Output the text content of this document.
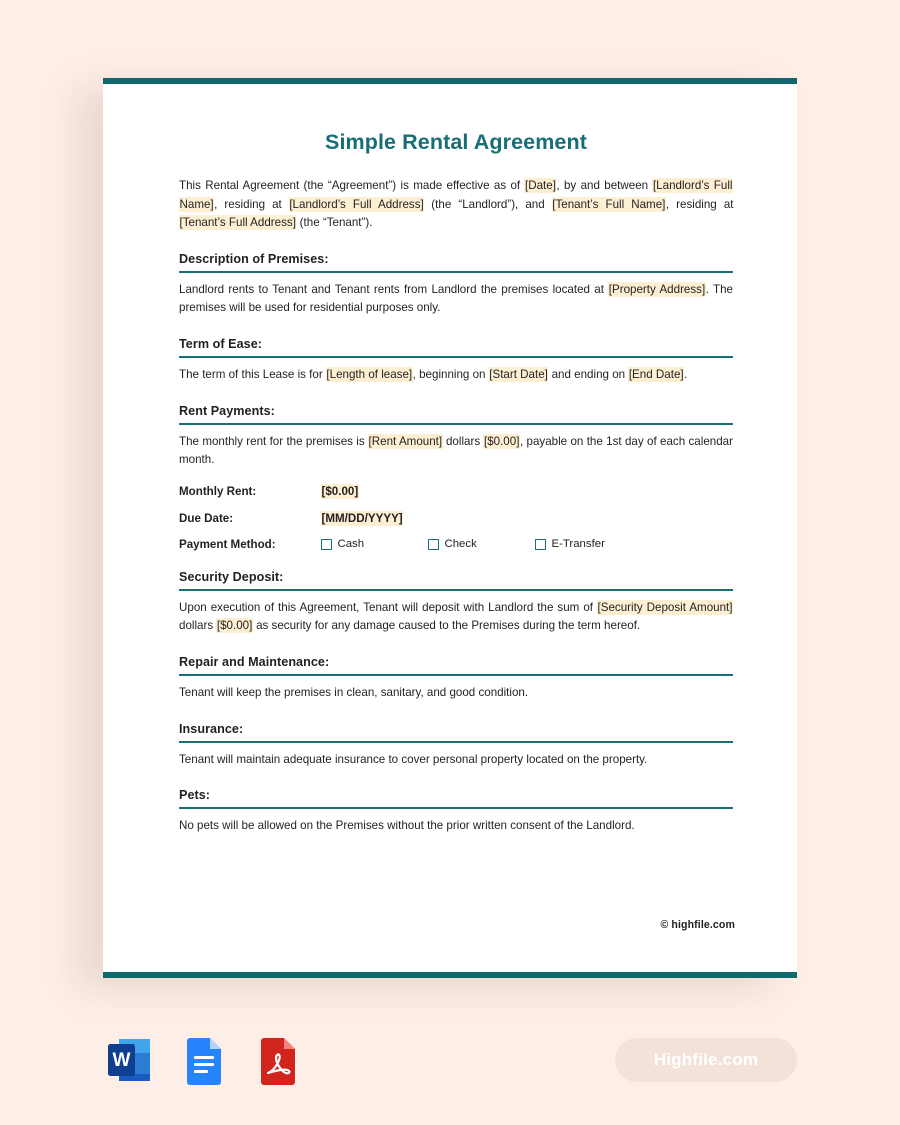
Simple Rental Agreement

This Rental Agreement (the “Agreement”) is made effective as of [Date], by and between [Landlord’s Full Name], residing at [Landlord’s Full Address] (the “Landlord”), and [Tenant’s Full Name], residing at [Tenant’s Full Address] (the “Tenant”).

Description of Premises:

Landlord rents to Tenant and Tenant rents from Landlord the premises located at [Property Address]. The premises will be used for residential purposes only.

Term of Ease:

The term of this Lease is for [Length of lease], beginning on [Start Date] and ending on [End Date].

Rent Payments:

The monthly rent for the premises is [Rent Amount] dollars [$0.00], payable on the 1st day of each calendar month.

Monthly Rent:	[$0.00]
Due Date:	[MM/DD/YYYY]
Payment Method:	Cash	Check	E-Transfer
Security Deposit:

Upon execution of this Agreement, Tenant will deposit with Landlord the sum of [Security Deposit Amount] dollars [$0.00] as security for any damage caused to the Premises during the term hereof.

Repair and Maintenance:

Tenant will keep the premises in clean, sanitary, and good condition.

Insurance:

Tenant will maintain adequate insurance to cover personal property located on the property.

Pets:

No pets will be allowed on the Premises without the prior written consent of the Landlord.

© highfile.com
W	Highfile.com
